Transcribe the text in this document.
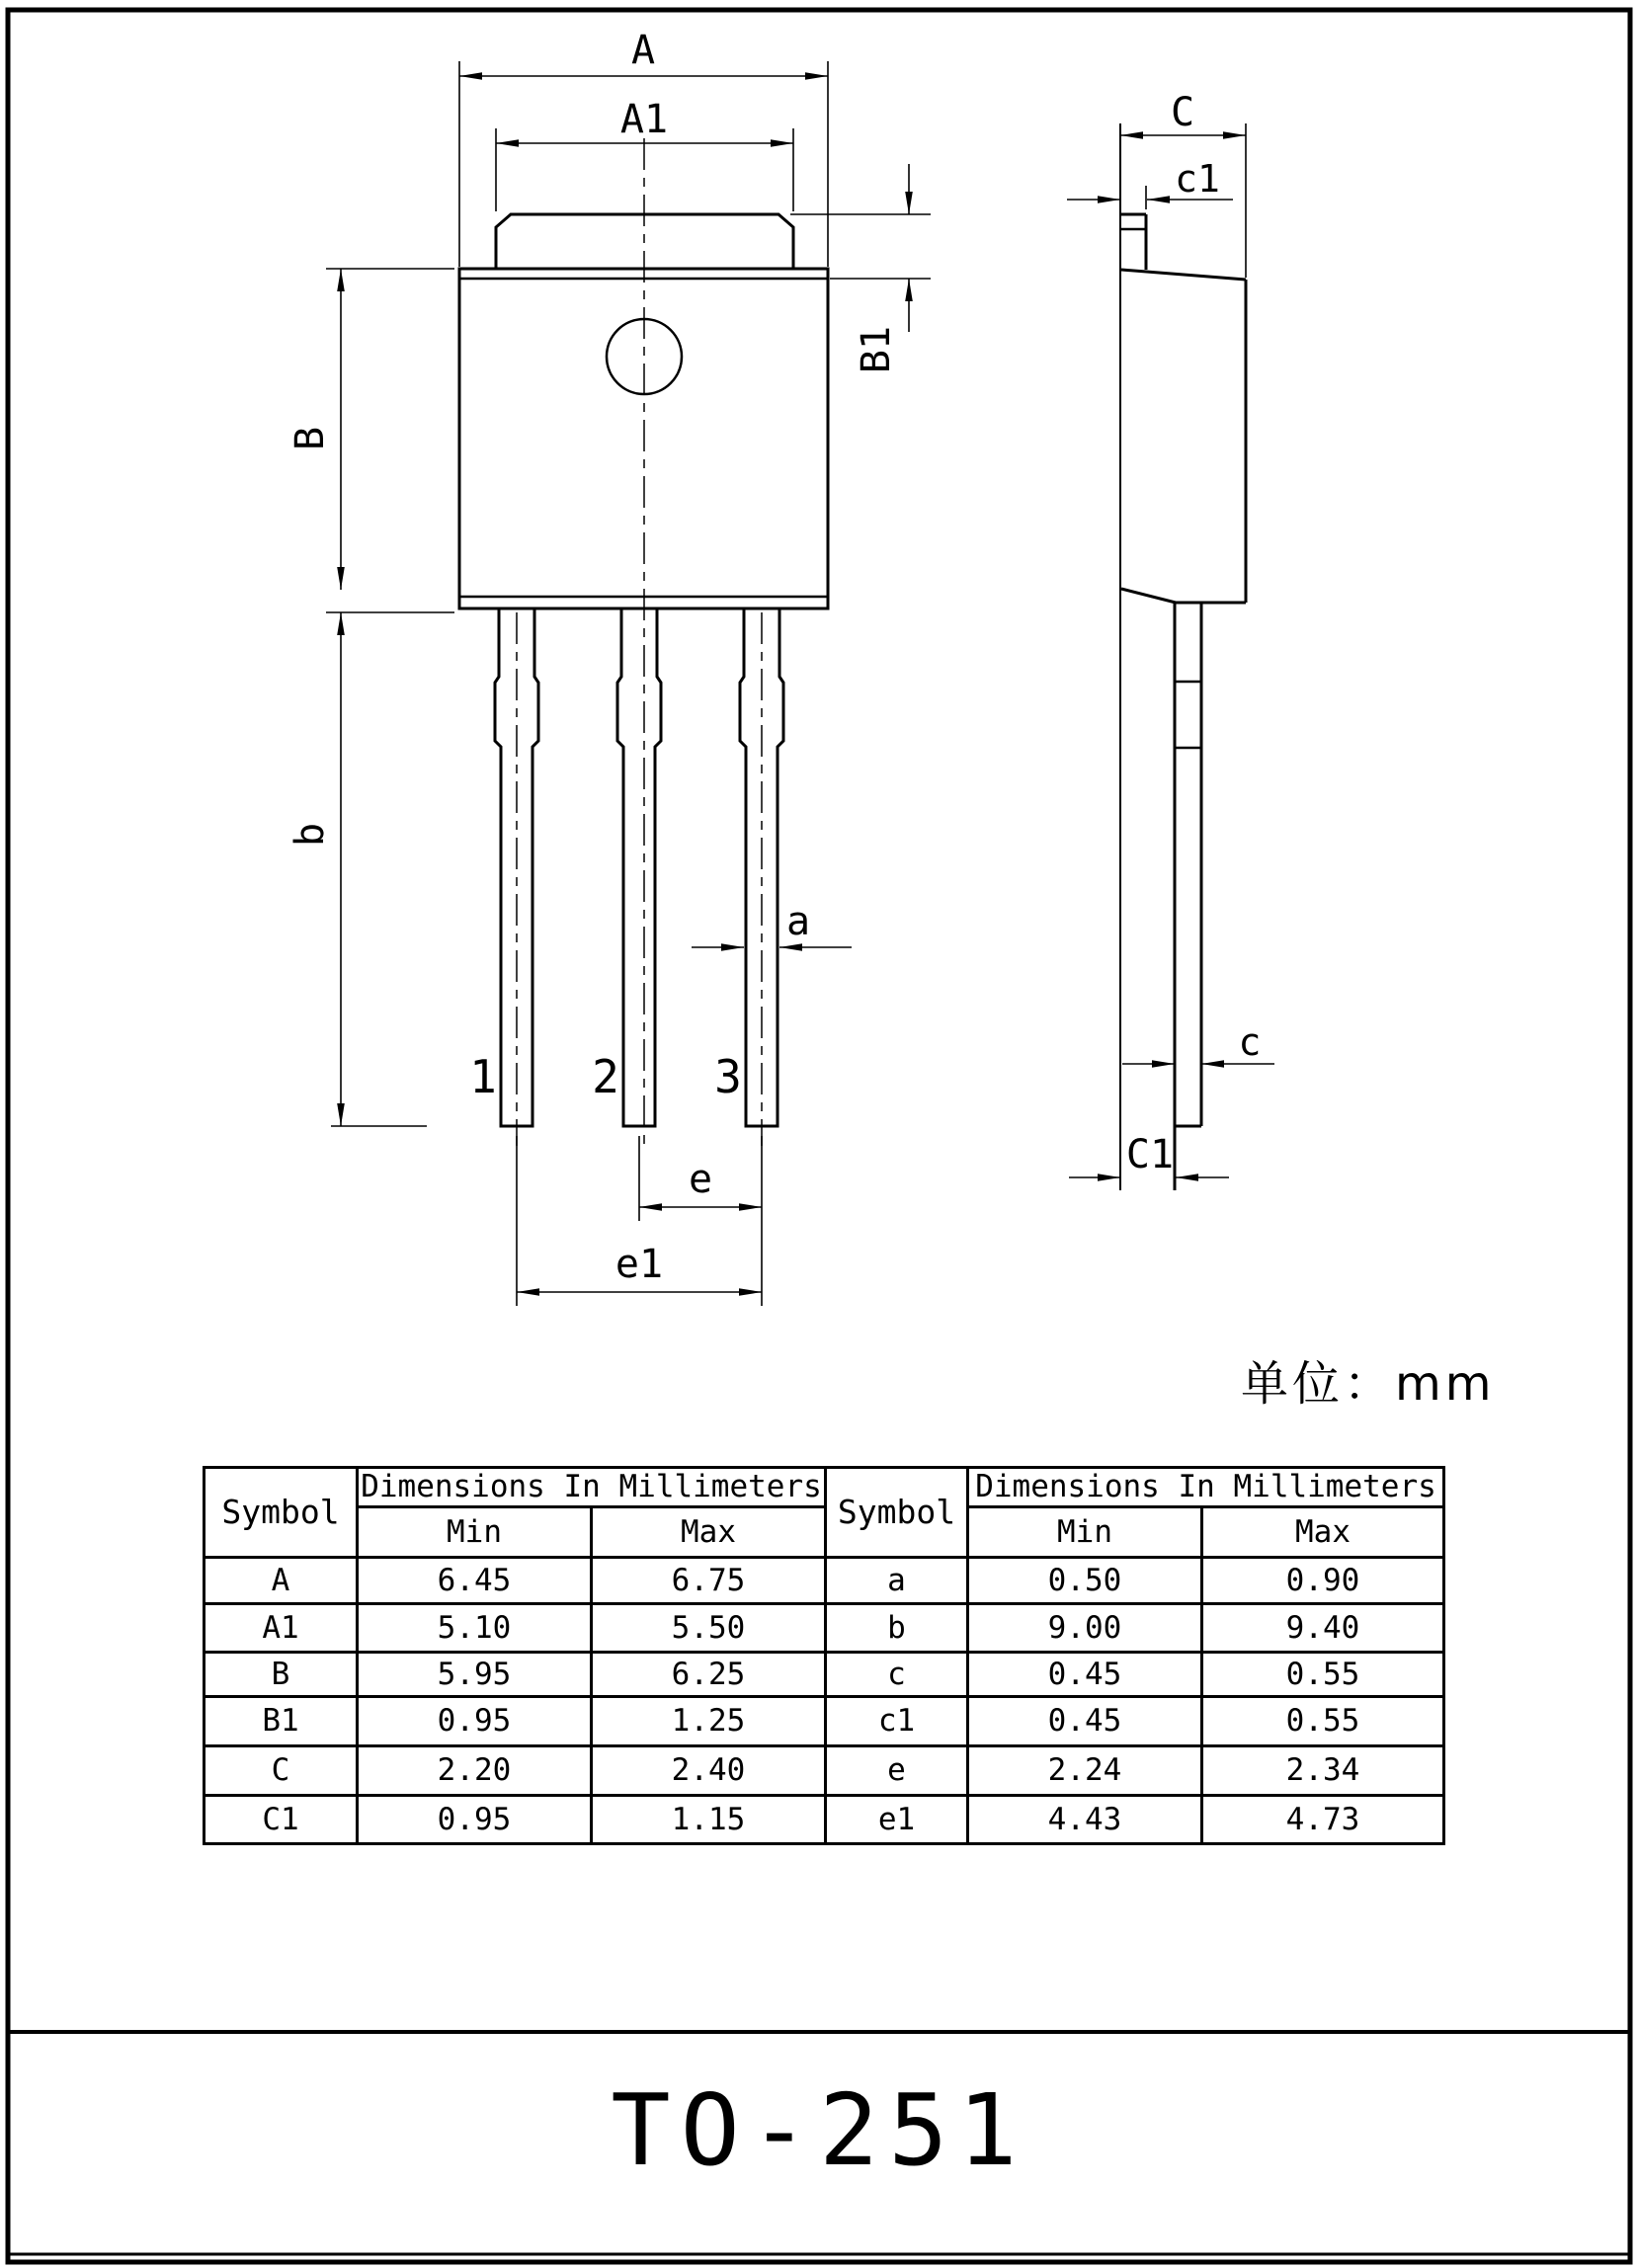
A
A1
B
B1
b
a
e
e1
C
c1
c
C1
1 2 3
单位：mm
Symbol	Dimensions In Millimeters		Symbol	Dimensions In Millimeters	
	Min	Max		Min	Max
A	6.45	6.75	a	0.50	0.90
A1	5.10	5.50	b	9.00	9.40
B	5.95	6.25	c	0.45	0.55
B1	0.95	1.25	c1	0.45	0.55
C	2.20	2.40	e	2.24	2.34
C1	0.95	1.15	e1	4.43	4.73
TO-251
